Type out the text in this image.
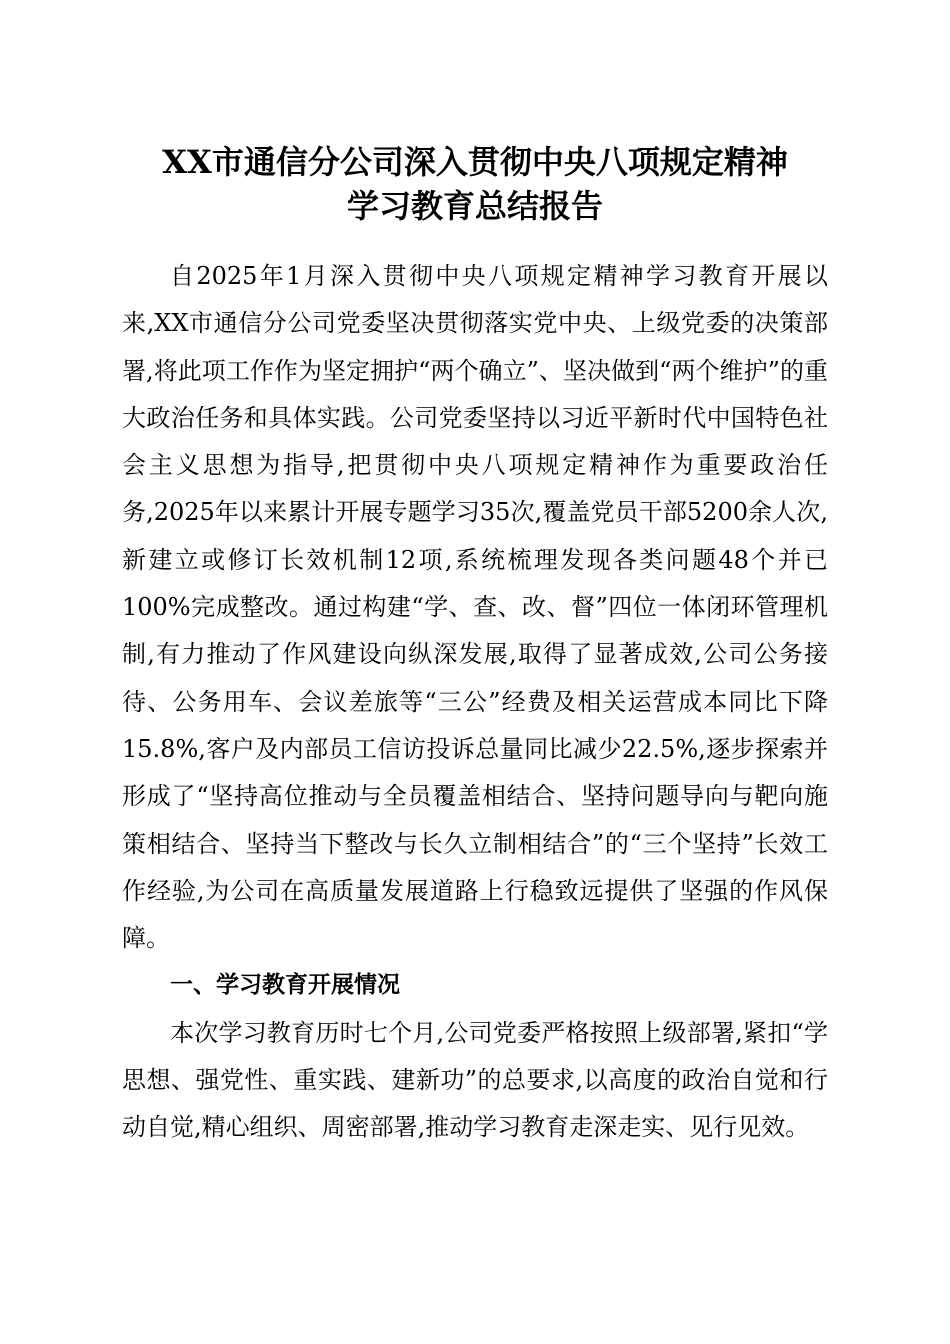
XX市通信分公司深入贯彻中央八项规定精神
学习教育总结报告

自2025年1月深入贯彻中央八项规定精神学习教育开展以来,XX市通信分公司党委坚决贯彻落实党中央、上级党委的决策部署,将此项工作作为坚定拥护“两个确立”、坚决做到“两个维护”的重大政治任务和具体实践。公司党委坚持以习近平新时代中国特色社会主义思想为指导,把贯彻中央八项规定精神作为重要政治任务,2025年以来累计开展专题学习35次,覆盖党员干部5200余人次,新建立或修订长效机制12项,系统梳理发现各类问题48个并已100%完成整改。通过构建“学、查、改、督”四位一体闭环管理机制,有力推动了作风建设向纵深发展,取得了显著成效,公司公务接待、公务用车、会议差旅等“三公”经费及相关运营成本同比下降15.8%,客户及内部员工信访投诉总量同比减少22.5%,逐步探索并形成了“坚持高位推动与全员覆盖相结合、坚持问题导向与靶向施策相结合、坚持当下整改与长久立制相结合”的“三个坚持”长效工作经验,为公司在高质量发展道路上行稳致远提供了坚强的作风保障。

一、学习教育开展情况

本次学习教育历时七个月,公司党委严格按照上级部署,紧扣“学思想、强党性、重实践、建新功”的总要求,以高度的政治自觉和行动自觉,精心组织、周密部署,推动学习教育走深走实、见行见效。
